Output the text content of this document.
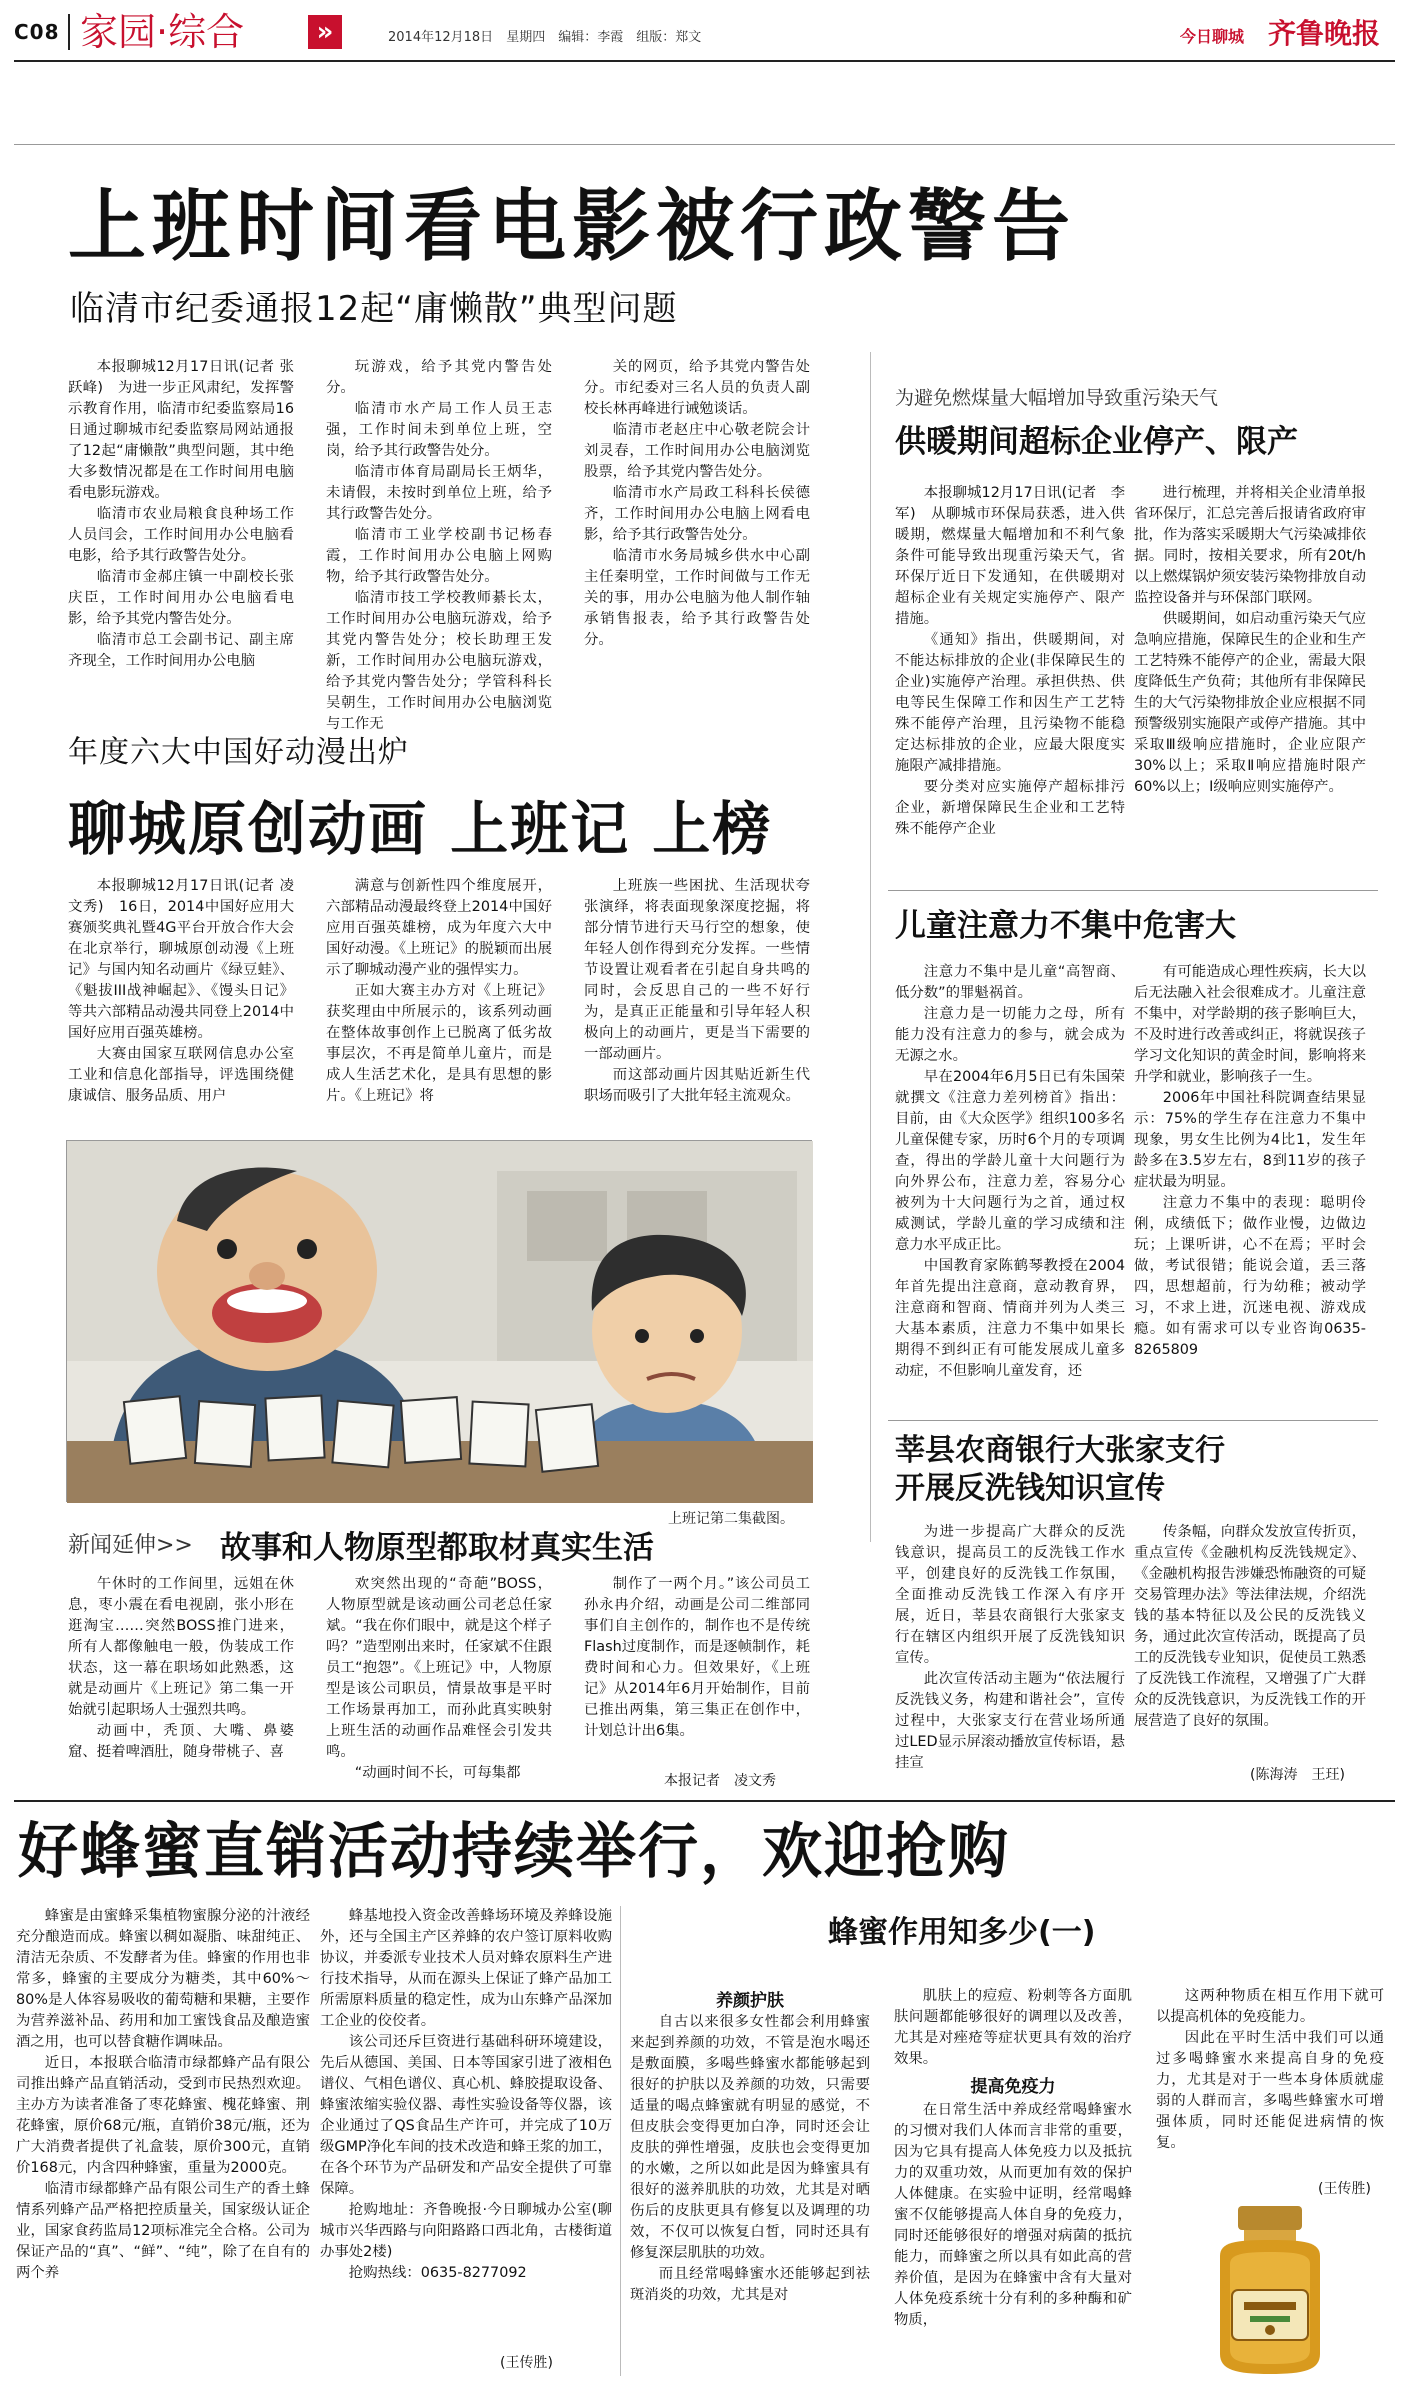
C08 家园·综合	»	2014年12月18日　 星期四　 编辑：李霞　 组版：郑文	今日聊城 齐鲁晚报
上班时间看电影被行政警告
临清市纪委通报12起“庸懒散”典型问题

本报聊城12月17日讯(记者 张跃峰)　为进一步正风肃纪，发挥警示教育作用，临清市纪委监察局16日通过聊城市纪委监察局网站通报了12起“庸懒散”典型问题，其中绝大多数情况都是在工作时间用电脑看电影玩游戏。

临清市农业局粮食良种场工作人员闫会，工作时间用办公电脑看电影，给予其行政警告处分。

临清市金郝庄镇一中副校长张庆臣，工作时间用办公电脑看电影，给予其党内警告处分。

临清市总工会副书记、副主席齐现全，工作时间用办公电脑

玩游戏，给予其党内警告处分。

临清市水产局工作人员王志强，工作时间未到单位上班，空岗，给予其行政警告处分。

临清市体育局副局长王炳华，未请假，未按时到单位上班，给予其行政警告处分。

临清市工业学校副书记杨春霞，工作时间用办公电脑上网购物，给予其行政警告处分。

临清市技工学校教师綦长太，工作时间用办公电脑玩游戏，给予其党内警告处分；校长助理王发新，工作时间用办公电脑玩游戏，给予其党内警告处分；学管科科长吴朝生，工作时间用办公电脑浏览与工作无

关的网页，给予其党内警告处分。市纪委对三名人员的负责人副校长林再峰进行诫勉谈话。

临清市老赵庄中心敬老院会计刘灵春，工作时间用办公电脑浏览股票，给予其党内警告处分。

临清市水产局政工科科长侯德齐，工作时间用办公电脑上网看电影，给予其行政警告处分。

临清市水务局城乡供水中心副主任秦明堂，工作时间做与工作无关的事，用办公电脑为他人制作轴承销售报表，给予其行政警告处分。

年度六大中国好动漫出炉
聊城原创动画 上班记 上榜

本报聊城12月17日讯(记者 凌文秀)　16日，2014中国好应用大赛颁奖典礼暨4G平台开放合作大会在北京举行，聊城原创动漫《上班记》与国内知名动画片《绿豆蛙》、《魁拔III战神崛起》、《馒头日记》等共六部精品动漫共同登上2014中国好应用百强英雄榜。

大赛由国家互联网信息办公室工业和信息化部指导，评选围绕健康诚信、服务品质、用户

满意与创新性四个维度展开，六部精品动漫最终登上2014中国好应用百强英雄榜，成为年度六大中国好动漫。《上班记》的脱颖而出展示了聊城动漫产业的强悍实力。

正如大赛主办方对《上班记》获奖理由中所展示的，该系列动画在整体故事创作上已脱离了低劣故事层次，不再是简单儿童片，而是成人生活艺术化，是具有思想的影片。《上班记》将

上班族一些困扰、生活现状夸张演绎，将表面现象深度挖掘，将部分情节进行天马行空的想象，使年轻人创作得到充分发挥。一些情节设置让观看者在引起自身共鸣的同时，会反思自己的一些不好行为，是真正正能量和引导年轻人积极向上的动画片，更是当下需要的一部动画片。

而这部动画片因其贴近新生代职场而吸引了大批年轻主流观众。

上班记第二集截图。
新闻延伸>> 故事和人物原型都取材真实生活

午休时的工作间里，远姐在休息，枣小震在看电视剧，张小形在逛淘宝……突然BOSS推门进来，所有人都像触电一般，伪装成工作状态，这一幕在职场如此熟悉，这就是动画片《上班记》第二集一开始就引起职场人士强烈共鸣。

动画中，秃顶、大嘴、鼻婆窟、挺着啤酒肚，随身带桃子、喜

欢突然出现的“奇葩”BOSS，人物原型就是该动画公司老总任家斌。“我在你们眼中，就是这个样子吗？”造型刚出来时，任家斌不住跟员工“抱怨”。《上班记》中，人物原型是该公司职员，情景故事是平时工作场景再加工，而孙此真实映射上班生活的动画作品难怪会引发共鸣。

“动画时间不长，可每集都

制作了一两个月。”该公司员工孙永冉介绍，动画是公司二维部同事们自主创作的，制作也不是传统Flash过度制作，而是逐帧制作，耗费时间和心力。但效果好，《上班记》从2014年6月开始制作，目前已推出两集，第三集正在创作中，计划总计出6集。

本报记者　凌文秀
为避免燃煤量大幅增加导致重污染天气
供暖期间超标企业停产、限产

本报聊城12月17日讯(记者　李军)　从聊城市环保局获悉，进入供暖期，燃煤量大幅增加和不利气象条件可能导致出现重污染天气，省环保厅近日下发通知，在供暖期对超标企业有关规定实施停产、限产措施。

《通知》指出，供暖期间，对不能达标排放的企业(非保障民生的企业)实施停产治理。承担供热、供电等民生保障工作和因生产工艺特殊不能停产治理，且污染物不能稳定达标排放的企业，应最大限度实施限产减排措施。

要分类对应实施停产超标排污企业，新增保障民生企业和工艺特殊不能停产企业

进行梳理，并将相关企业清单报省环保厅，汇总完善后报请省政府审批，作为落实采暖期大气污染减排依据。同时，按相关要求，所有20t/h以上燃煤锅炉须安装污染物排放自动监控设备并与环保部门联网。

供暖期间，如启动重污染天气应急响应措施，保障民生的企业和生产工艺特殊不能停产的企业，需最大限度降低生产负荷；其他所有非保障民生的大气污染物排放企业应根据不同预警级别实施限产或停产措施。其中采取Ⅲ级响应措施时，企业应限产30%以上；采取Ⅱ响应措施时限产60%以上；Ⅰ级响应则实施停产。

儿童注意力不集中危害大

注意力不集中是儿童“高智商、低分数”的罪魁祸首。

注意力是一切能力之母，所有能力没有注意力的参与，就会成为无源之水。

早在2004年6月5日已有朱国荣就撰文《注意力差列榜首》指出：目前，由《大众医学》组织100多名儿童保健专家，历时6个月的专项调查，得出的学龄儿童十大问题行为向外界公布，注意力差，容易分心被列为十大问题行为之首，通过权威测试，学龄儿童的学习成绩和注意力水平成正比。

中国教育家陈鹤琴教授在2004年首先提出注意商，意动教育界，注意商和智商、情商并列为人类三大基本素质，注意力不集中如果长期得不到纠正有可能发展成儿童多动症，不但影响儿童发育，还

有可能造成心理性疾病，长大以后无法融入社会很难成才。儿童注意不集中，对学龄期的孩子影响巨大，不及时进行改善或纠正，将就误孩子学习文化知识的黄金时间，影响将来升学和就业，影响孩子一生。

2006年中国社科院调查结果显示：75%的学生存在注意力不集中现象，男女生比例为4比1，发生年龄多在3.5岁左右，8到11岁的孩子症状最为明显。

注意力不集中的表现：聪明伶俐，成绩低下；做作业慢，边做边玩；上课听讲，心不在焉；平时会做，考试很错；能说会道，丢三落四，思想超前，行为幼稚；被动学习，不求上进，沉迷电视、游戏成瘾。如有需求可以专业咨询0635-8265809

莘县农商银行大张家支行
开展反洗钱知识宣传

为进一步提高广大群众的反洗钱意识，提高员工的反洗钱工作水平，创建良好的反洗钱工作氛围，全面推动反洗钱工作深入有序开展，近日，莘县农商银行大张家支行在辖区内组织开展了反洗钱知识宣传。

此次宣传活动主题为“依法履行反洗钱义务，构建和谐社会”，宣传过程中，大张家支行在营业场所通过LED显示屏滚动播放宣传标语，悬挂宣

传条幅，向群众发放宣传折页，重点宣传《金融机构反洗钱规定》、《金融机构报告涉嫌恐怖融资的可疑交易管理办法》等法律法规，介绍洗钱的基本特征以及公民的反洗钱义务，通过此次宣传活动，既提高了员工的反洗钱专业知识，促使员工熟悉了反洗钱工作流程，又增强了广大群众的反洗钱意识，为反洗钱工作的开展营造了良好的氛围。

(陈海涛　王玨)
好蜂蜜直销活动持续举行，欢迎抢购

蜂蜜是由蜜蜂采集植物蜜腺分泌的汁液经充分酿造而成。蜂蜜以稠如凝脂、味甜纯正、清洁无杂质、不发酵者为佳。蜂蜜的作用也非常多，蜂蜜的主要成分为糖类，其中60%～80%是人体容易吸收的葡萄糖和果糖，主要作为营养滋补品、药用和加工蜜饯食品及酿造蜜酒之用，也可以替食糖作调味品。

近日，本报联合临清市绿都蜂产品有限公司推出蜂产品直销活动，受到市民热烈欢迎。主办方为读者准备了枣花蜂蜜、槐花蜂蜜、荆花蜂蜜，原价68元/瓶，直销价38元/瓶，还为广大消费者提供了礼盒装，原价300元，直销价168元，内含四种蜂蜜，重量为2000克。

临清市绿都蜂产品有限公司生产的香土蜂情系列蜂产品严格把控质量关，国家级认证企业，国家食药监局12项标准完全合格。公司为保证产品的“真”、“鲜”、“纯”，除了在自有的两个养

蜂基地投入资金改善蜂场环境及养蜂设施外，还与全国主产区养蜂的农户签订原料收购协议，并委派专业技术人员对蜂农原料生产进行技术指导，从而在源头上保证了蜂产品加工所需原料质量的稳定性，成为山东蜂产品深加工企业的佼佼者。

该公司还斥巨资进行基础科研环境建设，先后从德国、美国、日本等国家引进了液相色谱仪、气相色谱仪、真心机、蜂胶提取设备、蜂蜜浓缩实验仪器、毒性实验设备等仪器，该企业通过了QS食品生产许可，并完成了10万级GMP净化车间的技术改造和蜂王浆的加工，在各个环节为产品研发和产品安全提供了可靠保障。

抢购地址：齐鲁晚报·今日聊城办公室(聊城市兴华西路与向阳路路口西北角，古楼街道办事处2楼)

抢购热线：0635-8277092

(王传胜)
蜂蜜作用知多少(一)
养颜护肤

自古以来很多女性都会利用蜂蜜来起到养颜的功效，不管是泡水喝还是敷面膜，多喝些蜂蜜水都能够起到很好的护肤以及养颜的功效，只需要适量的喝点蜂蜜就有明显的感觉，不但皮肤会变得更加白净，同时还会让皮肤的弹性增强，皮肤也会变得更加的水嫩，之所以如此是因为蜂蜜具有很好的滋养肌肤的功效，尤其是对晒伤后的皮肤更具有修复以及调理的功效，不仅可以恢复白皙，同时还具有修复深层肌肤的功效。

而且经常喝蜂蜜水还能够起到祛斑消炎的功效，尤其是对

肌肤上的痘痘、粉刺等各方面肌肤问题都能够很好的调理以及改善，尤其是对痤疮等症状更具有效的治疗效果。

提高免疫力

在日常生活中养成经常喝蜂蜜水的习惯对我们人体而言非常的重要，因为它具有提高人体免疫力以及抵抗力的双重功效，从而更加有效的保护人体健康。在实验中证明，经常喝蜂蜜不仅能够提高人体自身的免疫力，同时还能够很好的增强对病菌的抵抗能力，而蜂蜜之所以具有如此高的营养价值，是因为在蜂蜜中含有大量对人体免疫系统十分有利的多种酶和矿物质，

这两种物质在相互作用下就可以提高机体的免疫能力。

因此在平时生活中我们可以通过多喝蜂蜜水来提高自身的免疫力，尤其是对于一些本身体质就虚弱的人群而言，多喝些蜂蜜水可增强体质，同时还能促进病情的恢复。

(王传胜)
